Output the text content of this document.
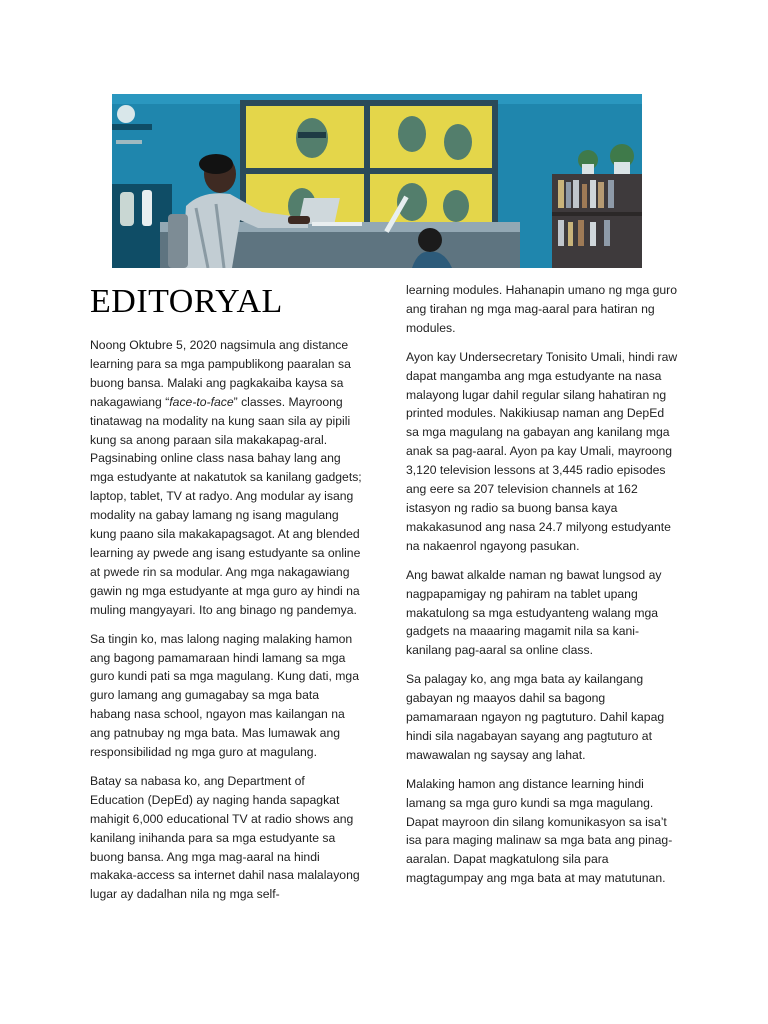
EDITORYAL

Noong Oktubre 5, 2020 nagsimula ang distance learning para sa mga pampublikong paaralan sa buong bansa. Malaki ang pagkakaiba kaysa sa nakagawiang “face-to-face” classes. Mayroong tinatawag na modality na kung saan sila ay pipili kung sa anong paraan sila makakapag-aral. Pagsinabing online class nasa bahay lang ang mga estudyante at nakatutok sa kanilang gadgets; laptop, tablet, TV at radyo. Ang modular ay isang modality na gabay lamang ng isang magulang kung paano sila makakapagsagot. At ang blended learning ay pwede ang isang estudyante sa online at pwede rin sa modular. Ang mga nakagawiang gawin ng mga estudyante at mga guro ay hindi na muling mangyayari. Ito ang binago ng pandemya.

Sa tingin ko, mas lalong naging malaking hamon ang bagong pamamaraan hindi lamang sa mga guro kundi pati sa mga magulang. Kung dati, mga guro lamang ang gumagabay sa mga bata habang nasa school, ngayon mas kailangan na ang patnubay ng mga bata. Mas lumawak ang responsibilidad ng mga guro at magulang.

Batay sa nabasa ko, ang Department of Education (DepEd) ay naging handa sapagkat mahigit 6,000 educational TV at radio shows ang kanilang inihanda para sa mga estudyante sa buong bansa. Ang mga mag-aaral na hindi makaka-access sa internet dahil nasa malalayong lugar ay dadalhan nila ng mga self-

learning modules. Hahanapin umano ng mga guro ang tirahan ng mga mag-aaral para hatiran ng modules.

Ayon kay Undersecretary Tonisito Umali, hindi raw dapat mangamba ang mga estudyante na nasa malayong lugar dahil regular silang hahatiran ng printed modules. Nakikiusap naman ang DepEd sa mga magulang na gabayan ang kanilang mga anak sa pag-aaral. Ayon pa kay Umali, mayroong 3,120 television lessons at 3,445 radio episodes ang eere sa 207 television channels at 162 istasyon ng radio sa buong bansa kaya makakasunod ang nasa 24.7 milyong estudyante na nakaenrol ngayong pasukan.

Ang bawat alkalde naman ng bawat lungsod ay nagpapamigay ng pahiram na tablet upang makatulong sa mga estudyanteng walang mga gadgets na maaaring magamit nila sa kani-kanilang pag-aaral sa online class.

Sa palagay ko, ang mga bata ay kailangang gabayan ng maayos dahil sa bagong pamamaraan ngayon ng pagtuturo. Dahil kapag hindi sila nagabayan sayang ang pagtuturo at mawawalan ng saysay ang lahat.

Malaking hamon ang distance learning hindi lamang sa mga guro kundi sa mga magulang. Dapat mayroon din silang komunikasyon sa isa’t isa para maging malinaw sa mga bata ang pinag-aaralan. Dapat magkatulong sila para magtagumpay ang mga bata at may matutunan.
